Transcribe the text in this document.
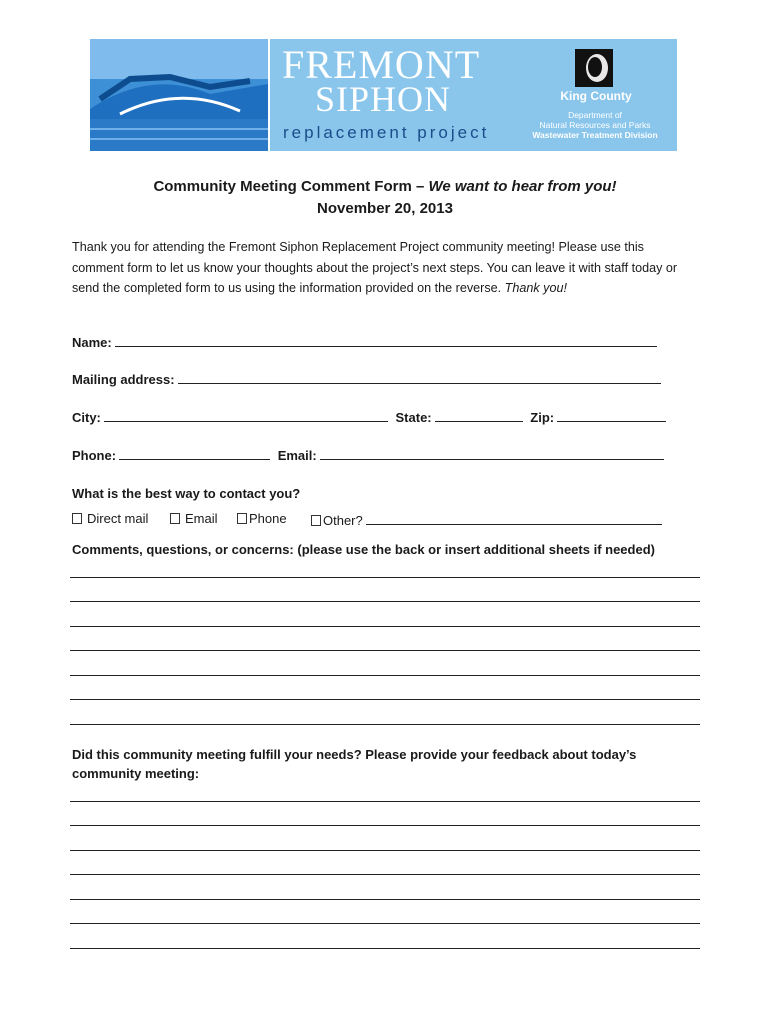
FREMONT
SIPHON
replacement project
King County
Department of
Natural Resources and Parks
Wastewater Treatment Division
Community Meeting Comment Form – We want to hear from you!
November 20, 2013
Thank you for attending the Fremont Siphon Replacement Project community meeting! Please use this comment form to let us know your thoughts about the project’s next steps. You can leave it with staff today or send the completed form to us using the information provided on the reverse. Thank you!
Name:
Mailing address:
City:	State:	Zip:
Phone:	Email:
What is the best way to contact you?
Direct mail	Email	Phone	Other?
Comments, questions, or concerns: (please use the back or insert additional sheets if needed)
Did this community meeting fulfill your needs? Please provide your feedback about today’s community meeting:
